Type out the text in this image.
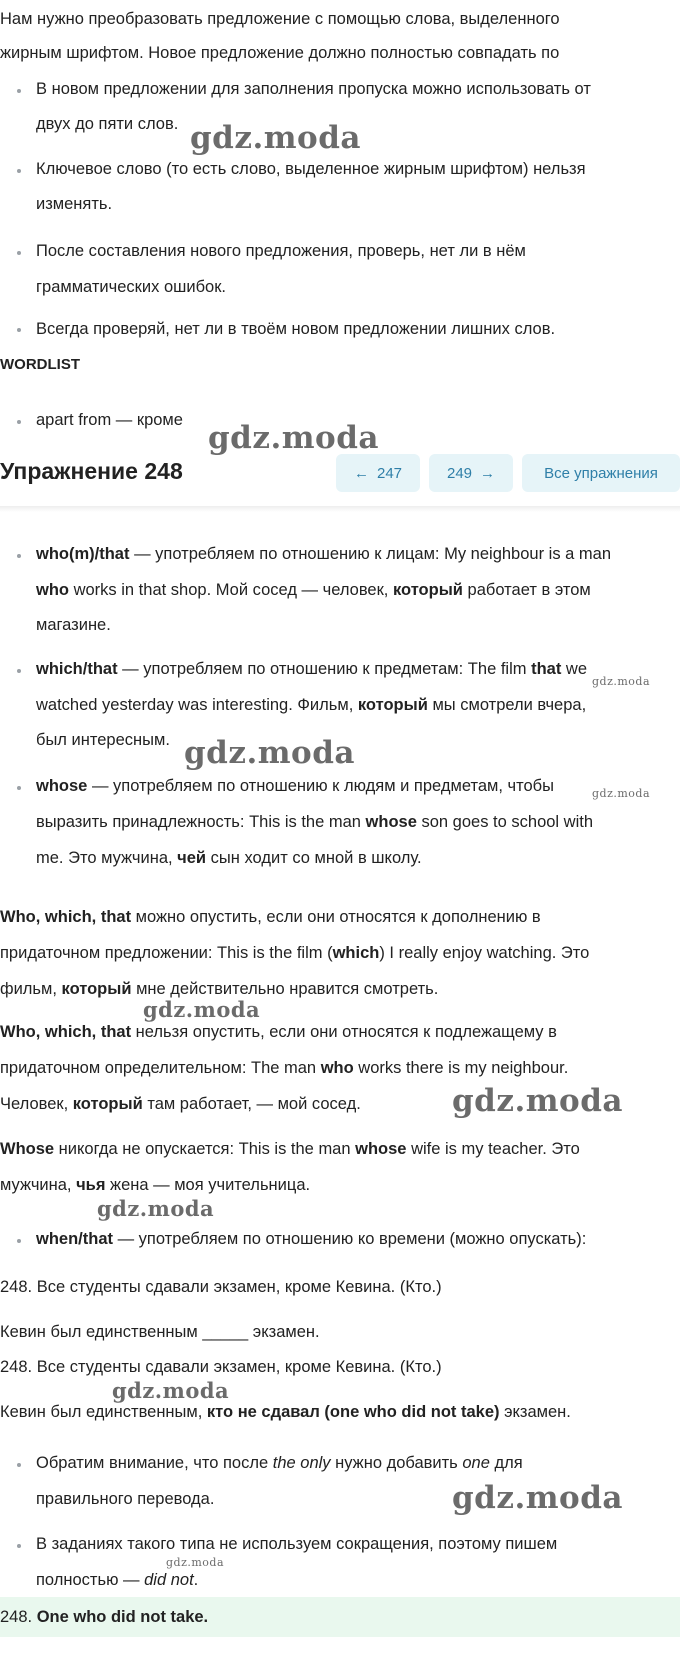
Нам нужно преобразовать предложение с помощью слова, выделенного
жирным шрифтом. Новое предложение должно полностью совпадать по
В новом предложении для заполнения пропуска можно использовать от
двух до пяти слов.
Ключевое слово (то есть слово, выделенное жирным шрифтом) нельзя
изменять.
После составления нового предложения, проверь, нет ли в нём
грамматических ошибок.
Всегда проверяй, нет ли в твоём новом предложении лишних слов.
WORDLIST
apart from — кроме
Упражнение 248	← 247	249 →	Все упражнения
who(m)/that — употребляем по отношению к лицам: My neighbour is a man
who works in that shop. Мой сосед — человек, который работает в этом
магазине.
which/that — употребляем по отношению к предметам: The film that we
watched yesterday was interesting. Фильм, который мы смотрели вчера,
был интересным.
whose — употребляем по отношению к людям и предметам, чтобы
выразить принадлежность: This is the man whose son goes to school with
me. Это мужчина, чей сын ходит со мной в школу.
Who, which, that можно опустить, если они относятся к дополнению в
придаточном предложении: This is the film (which) I really enjoy watching. Это
фильм, который мне действительно нравится смотреть.
Who, which, that нельзя опустить, если они относятся к подлежащему в
придаточном определительном: The man who works there is my neighbour.
Человек, который там работает, — мой сосед.
Whose никогда не опускается: This is the man whose wife is my teacher. Это
мужчина, чья жена — моя учительница.
when/that — употребляем по отношению ко времени (можно опускать):
248. Все студенты сдавали экзамен, кроме Кевина. (Кто.)
Кевин был единственным _____ экзамен.
248. Все студенты сдавали экзамен, кроме Кевина. (Кто.)
Кевин был единственным, кто не сдавал (one who did not take) экзамен.
Обратим внимание, что после the only нужно добавить one для
правильного перевода.
В заданиях такого типа не используем сокращения, поэтому пишем
полностью — did not.
248. One who did not take.
gdz.moda
gdz.moda
gdz.moda
gdz.moda
gdz.moda
gdz.moda
gdz.moda
gdz.moda
gdz.moda
gdz.moda
gdz.moda
